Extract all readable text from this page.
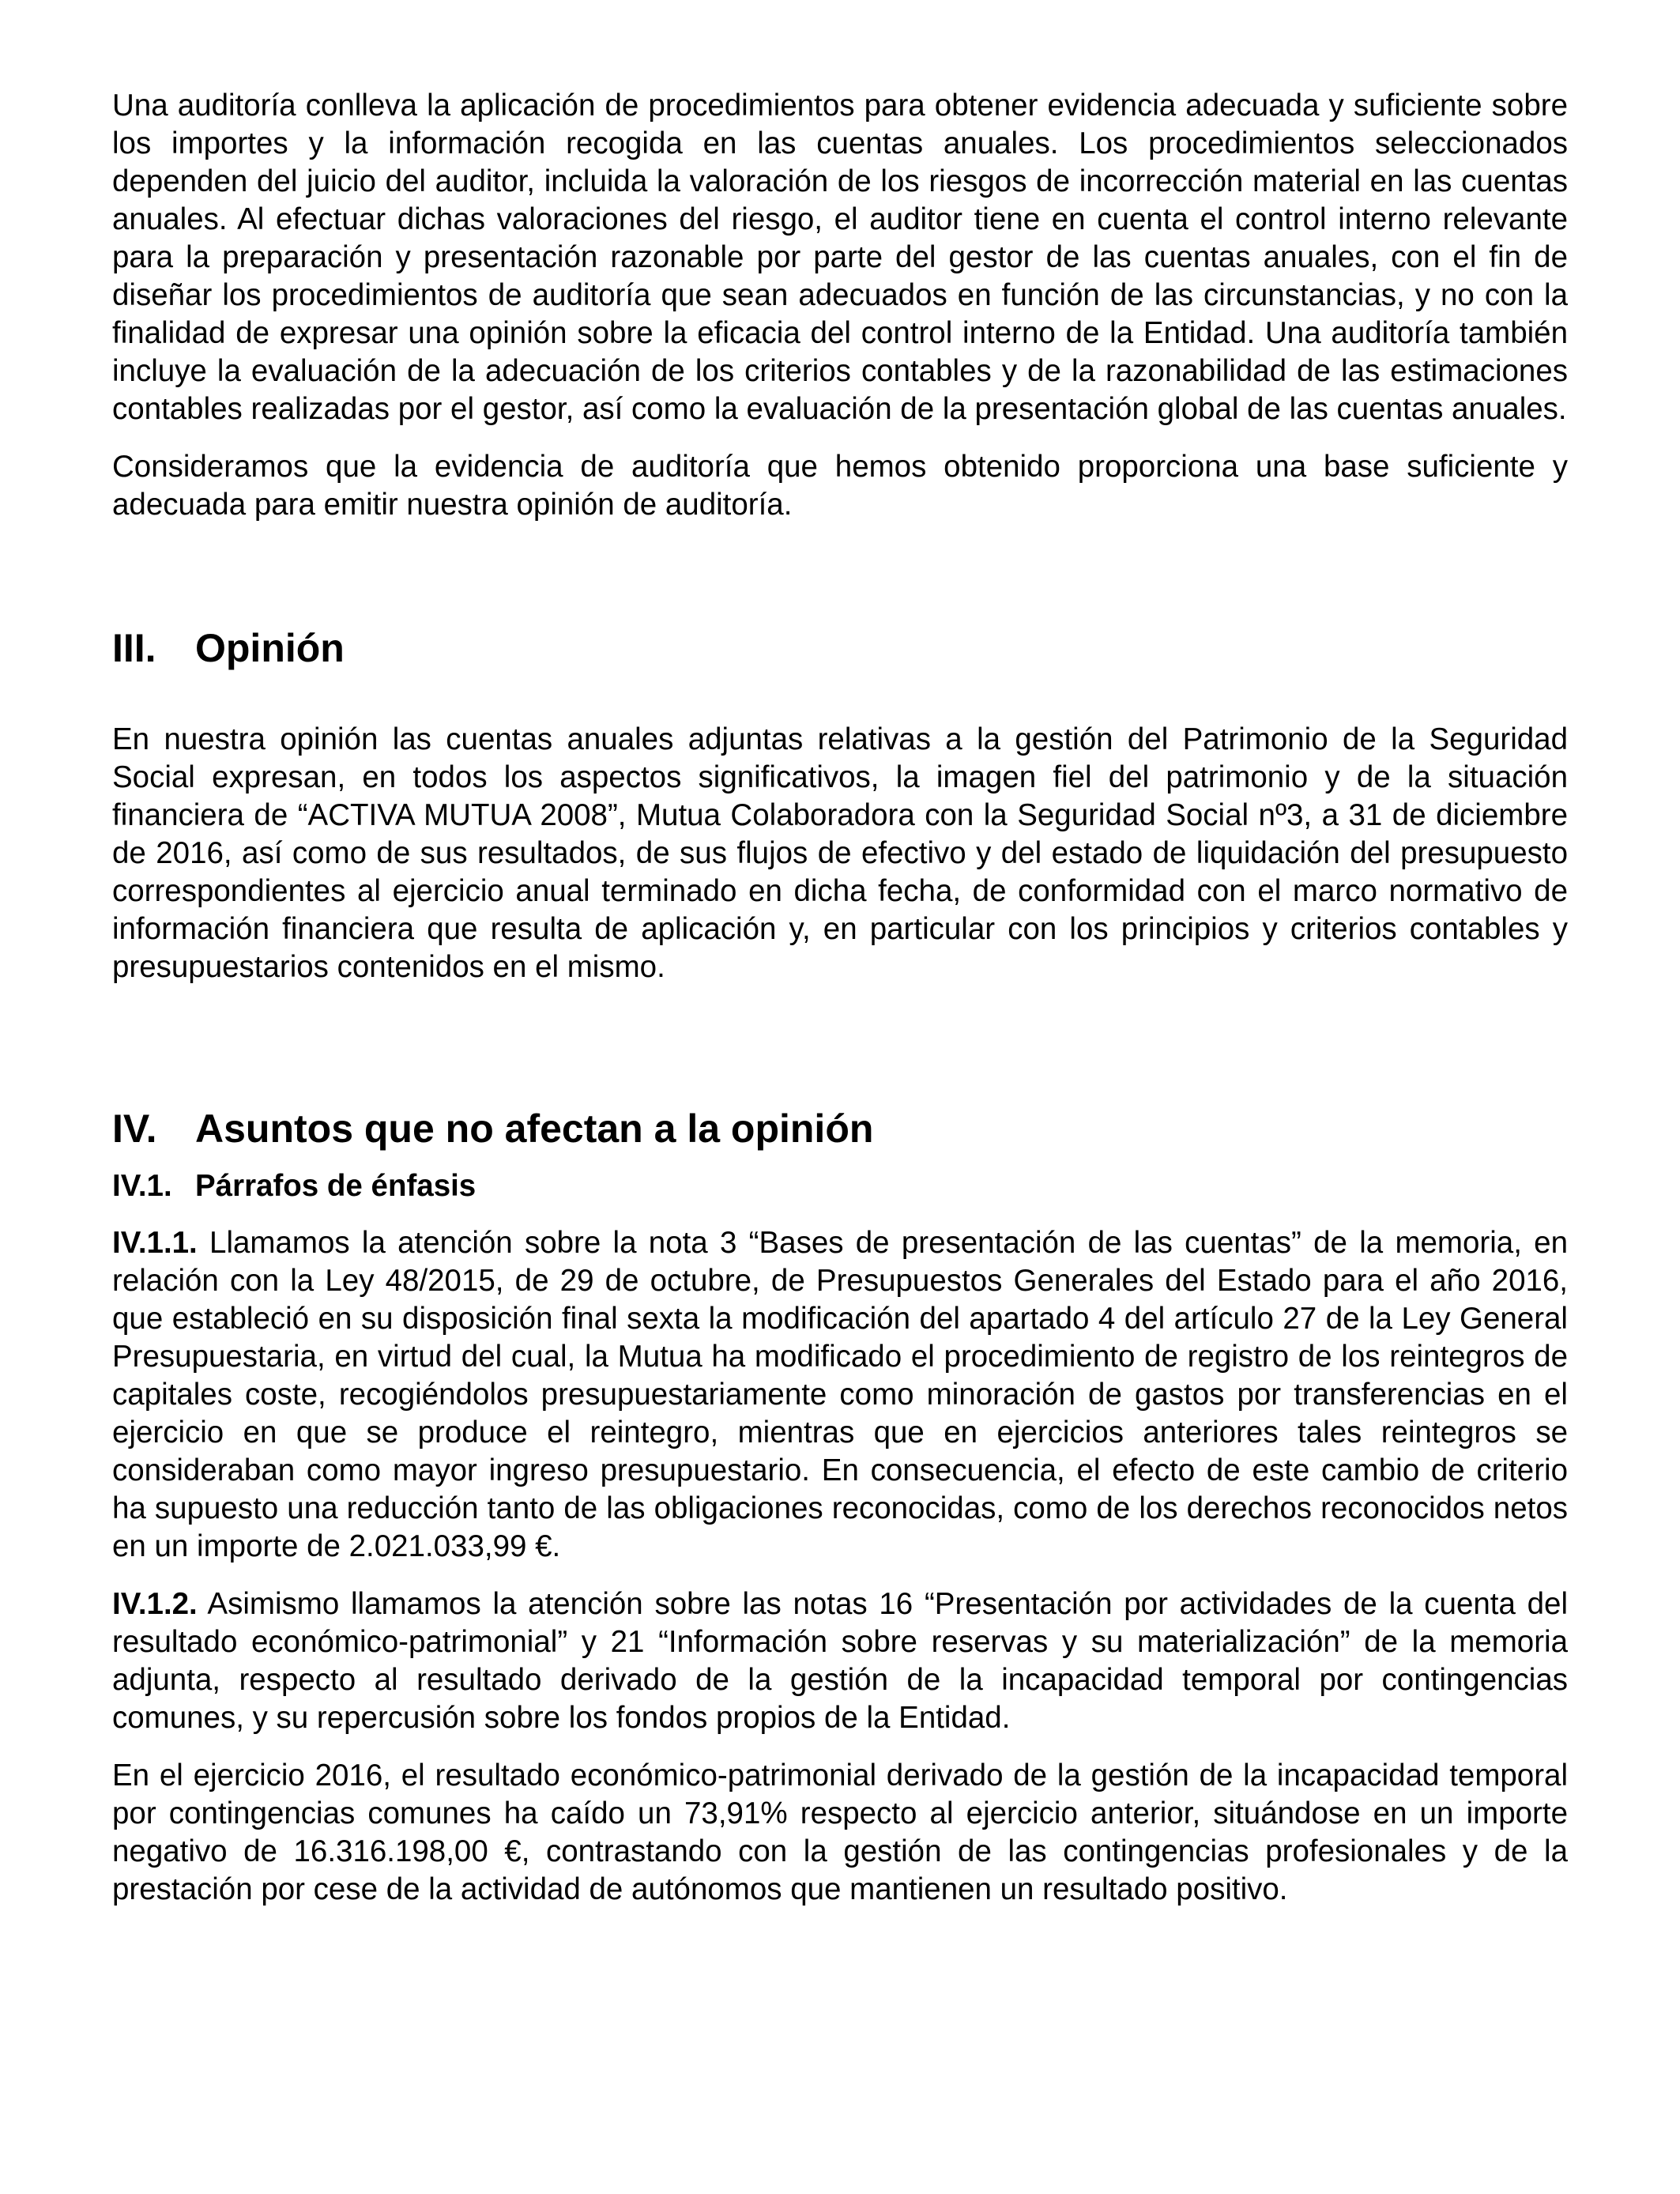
Una auditoría conlleva la aplicación de procedimientos para obtener evidencia adecuada y suficiente sobre los importes y la información recogida en las cuentas anuales. Los procedimientos seleccionados dependen del juicio del auditor, incluida la valoración de los riesgos de incorrección material en las cuentas anuales. Al efectuar dichas valoraciones del riesgo, el auditor tiene en cuenta el control interno relevante para la preparación y presentación razonable por parte del gestor de las cuentas anuales, con el fin de diseñar los procedimientos de auditoría que sean adecuados en función de las circunstancias, y no con la finalidad de expresar una opinión sobre la eficacia del control interno de la Entidad. Una auditoría también incluye la evaluación de la adecuación de los criterios contables y de la razonabilidad de las estimaciones contables realizadas por el gestor, así como la evaluación de la presentación global de las cuentas anuales.

Consideramos que la evidencia de auditoría que hemos obtenido proporciona una base suficiente y adecuada para emitir nuestra opinión de auditoría.

III. Opinión

En nuestra opinión las cuentas anuales adjuntas relativas a la gestión del Patrimonio de la Seguridad Social expresan, en todos los aspectos significativos, la imagen fiel del patrimonio y de la situación financiera de “ACTIVA MUTUA 2008”, Mutua Colaboradora con la Seguridad Social nº3, a 31 de diciembre de 2016, así como de sus resultados, de sus flujos de efectivo y del estado de liquidación del presupuesto correspondientes al ejercicio anual terminado en dicha fecha, de conformidad con el marco normativo de información financiera que resulta de aplicación y, en particular con los principios y criterios contables y presupuestarios contenidos en el mismo.

IV. Asuntos que no afectan a la opinión
IV.1. Párrafos de énfasis

IV.1.1. Llamamos la atención sobre la nota 3 “Bases de presentación de las cuentas” de la memoria, en relación con la Ley 48/2015, de 29 de octubre, de Presupuestos Generales del Estado para el año 2016, que estableció en su disposición final sexta la modificación del apartado 4 del artículo 27 de la Ley General Presupuestaria, en virtud del cual, la Mutua ha modificado el procedimiento de registro de los reintegros de capitales coste, recogiéndolos presupuestariamente como minoración de gastos por transferencias en el ejercicio en que se produce el reintegro, mientras que en ejercicios anteriores tales reintegros se consideraban como mayor ingreso presupuestario. En consecuencia, el efecto de este cambio de criterio ha supuesto una reducción tanto de las obligaciones reconocidas, como de los derechos reconocidos netos en un importe de 2.021.033,99 €.

IV.1.2. Asimismo llamamos la atención sobre las notas 16 “Presentación por actividades de la cuenta del resultado económico-patrimonial” y 21 “Información sobre reservas y su materialización” de la memoria adjunta, respecto al resultado derivado de la gestión de la incapacidad temporal por contingencias comunes, y su repercusión sobre los fondos propios de la Entidad.

En el ejercicio 2016, el resultado económico-patrimonial derivado de la gestión de la incapacidad temporal por contingencias comunes ha caído un 73,91% respecto al ejercicio anterior, situándose en un importe negativo de 16.316.198,00 €, contrastando con la gestión de las contingencias profesionales y de la prestación por cese de la actividad de autónomos que mantienen un resultado positivo.
